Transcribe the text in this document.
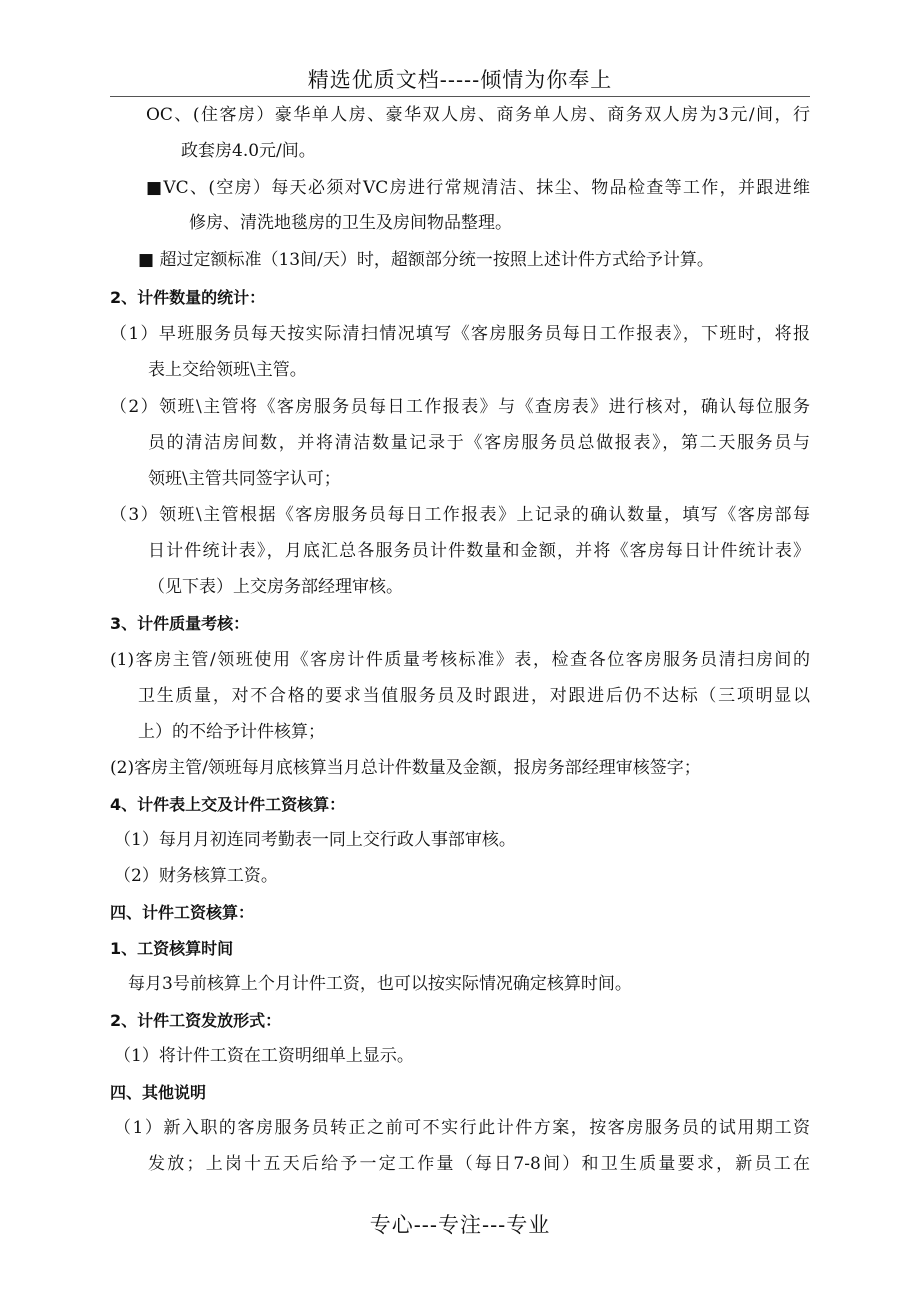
精选优质文档-----倾情为你奉上
OC、(住客房）豪华单人房、豪华双人房、商务单人房、商务双人房为3元/间，行
政套房4.0元/间。
■VC、(空房）每天必须对VC房进行常规清洁、抹尘、物品检查等工作，并跟进维
修房、清洗地毯房的卫生及房间物品整理。
■ 超过定额标准（13间/天）时，超额部分统一按照上述计件方式给予计算。
2、计件数量的统计：
（1）早班服务员每天按实际清扫情况填写《客房服务员每日工作报表》，下班时，将报
表上交给领班\主管。
（2）领班\主管将《客房服务员每日工作报表》与《查房表》进行核对，确认每位服务
员的清洁房间数，并将清洁数量记录于《客房服务员总做报表》，第二天服务员与
领班\主管共同签字认可；
（3）领班\主管根据《客房服务员每日工作报表》上记录的确认数量，填写《客房部每
日计件统计表》，月底汇总各服务员计件数量和金额，并将《客房每日计件统计表》
（见下表）上交房务部经理审核。
3、计件质量考核：
(1)客房主管/领班使用《客房计件质量考核标准》表，检查各位客房服务员清扫房间的
卫生质量，对不合格的要求当值服务员及时跟进，对跟进后仍不达标（三项明显以
上）的不给予计件核算；
(2)客房主管/领班每月底核算当月总计件数量及金额，报房务部经理审核签字；
4、计件表上交及计件工资核算：
（1）每月月初连同考勤表一同上交行政人事部审核。
（2）财务核算工资。
四、计件工资核算：
1、工资核算时间
每月3号前核算上个月计件工资，也可以按实际情况确定核算时间。
2、计件工资发放形式：
（1）将计件工资在工资明细单上显示。
四、其他说明
（1）新入职的客房服务员转正之前可不实行此计件方案，按客房服务员的试用期工资
发放；上岗十五天后给予一定工作量（每日7-8间）和卫生质量要求，新员工在
专心---专注---专业
